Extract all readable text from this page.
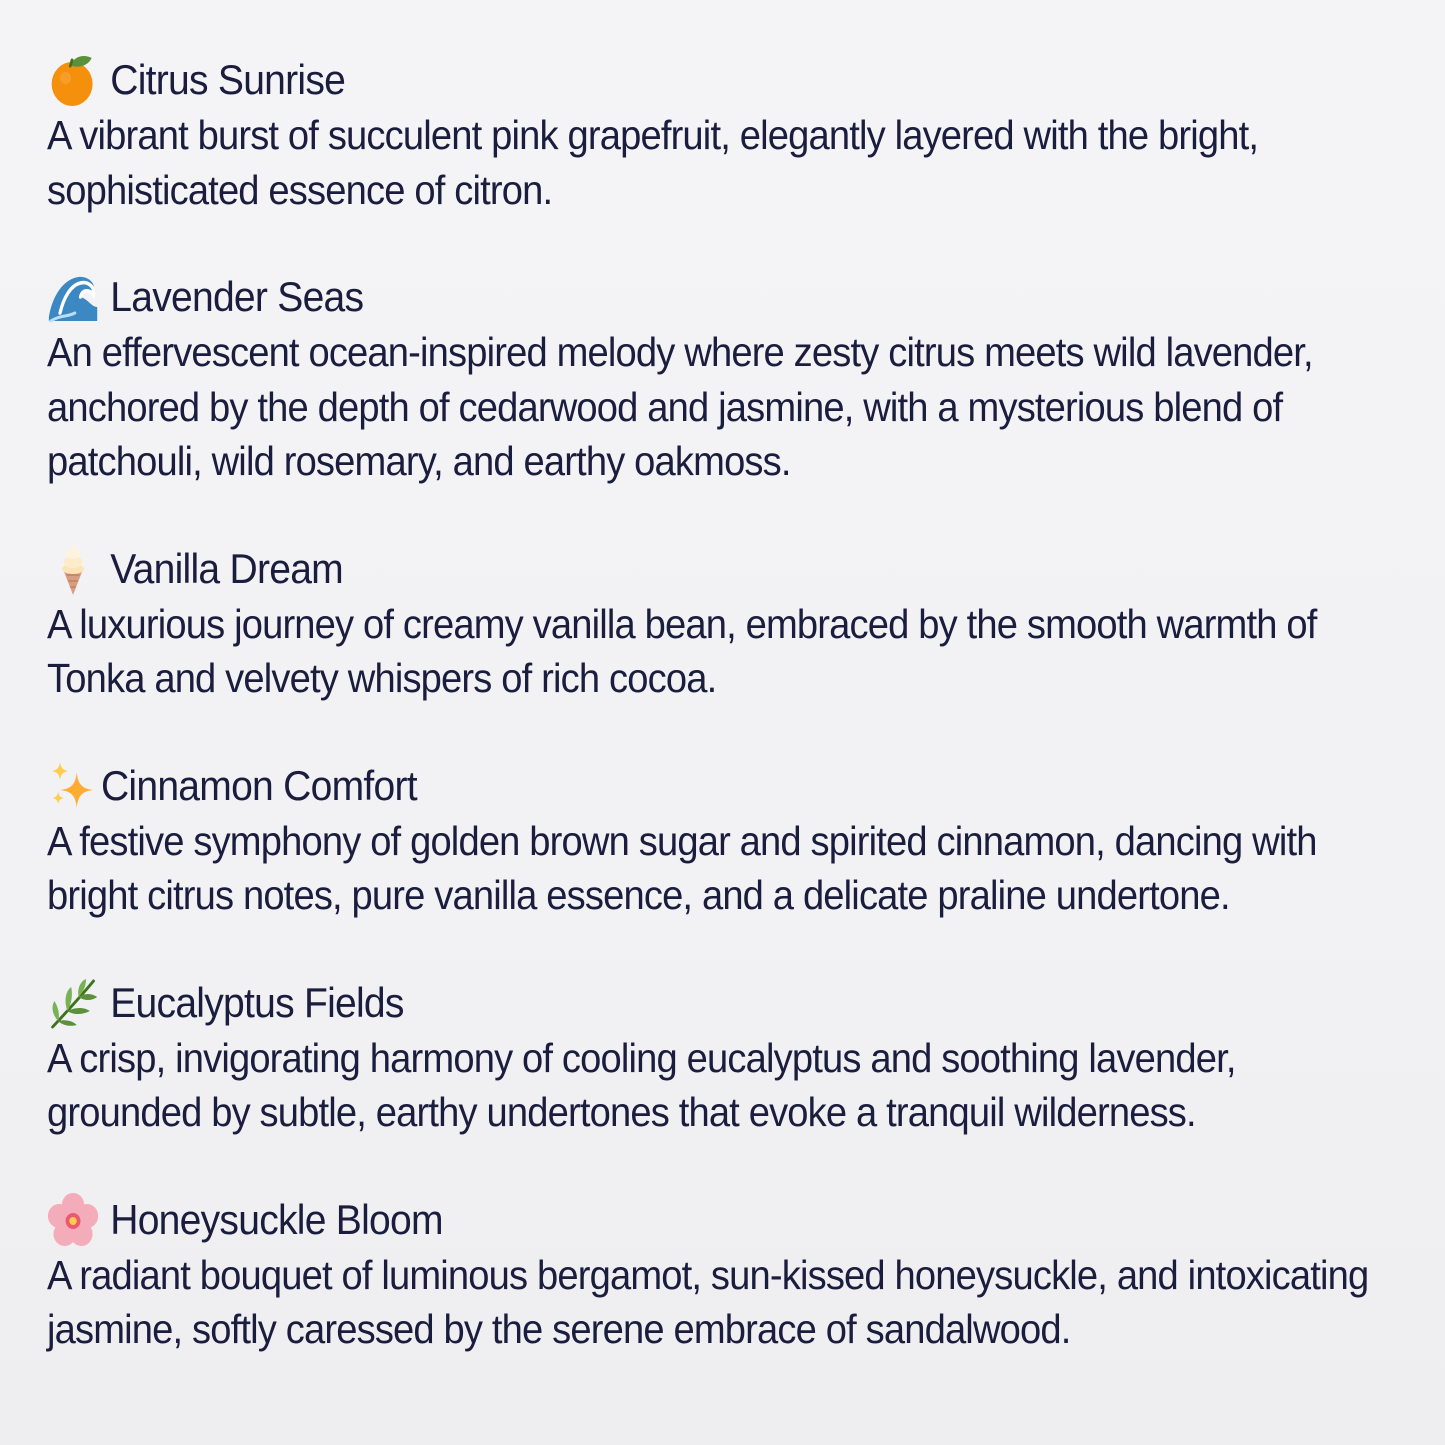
Citrus Sunrise
A vibrant burst of succulent pink grapefruit, elegantly layered with the bright,
sophisticated essence of citron.
Lavender Seas
An effervescent ocean-inspired melody where zesty citrus meets wild lavender,
anchored by the depth of cedarwood and jasmine, with a mysterious blend of
patchouli, wild rosemary, and earthy oakmoss.
Vanilla Dream
A luxurious journey of creamy vanilla bean, embraced by the smooth warmth of
Tonka and velvety whispers of rich cocoa.
Cinnamon Comfort
A festive symphony of golden brown sugar and spirited cinnamon, dancing with
bright citrus notes, pure vanilla essence, and a delicate praline undertone.
Eucalyptus Fields
A crisp, invigorating harmony of cooling eucalyptus and soothing lavender,
grounded by subtle, earthy undertones that evoke a tranquil wilderness.
Honeysuckle Bloom
A radiant bouquet of luminous bergamot, sun-kissed honeysuckle, and intoxicating
jasmine, softly caressed by the serene embrace of sandalwood.
